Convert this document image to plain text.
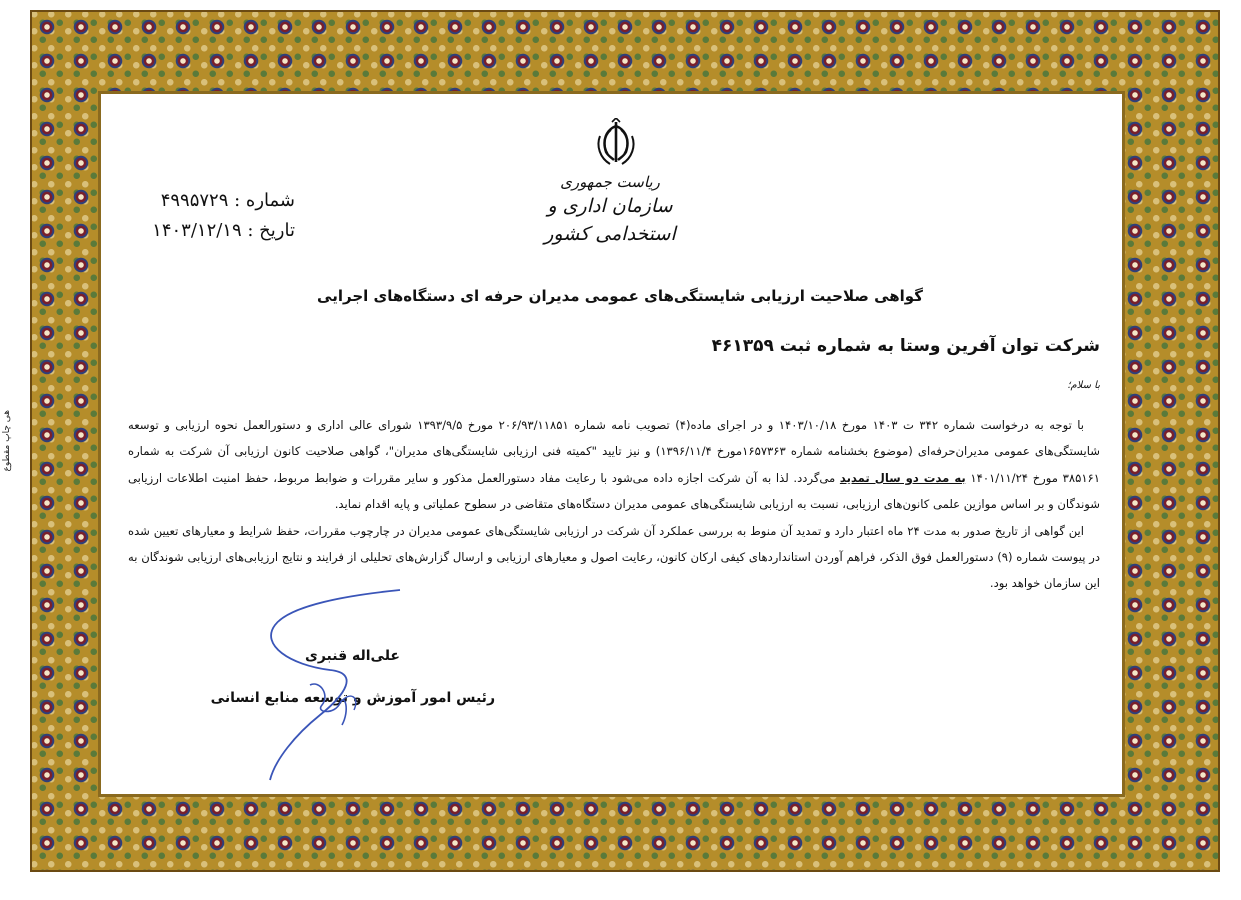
هی چاپ مقطوع
ریاست جمهوری
سازمان اداری و استخدامی کشور
شماره : ۴۹۹۵۷۲۹
تاریخ : ۱۴۰۳/۱۲/۱۹
گواهی صلاحیت ارزیابی شایستگی‌های عمومی مدیران حرفه ای دستگاه‌های اجرایی
شرکت توان آفرین وستا به شماره ثبت ۴۶۱۳۵۹
با سلام؛

با توجه به درخواست شماره ۳۴۲ ت ۱۴۰۳ مورخ ۱۴۰۳/۱۰/۱۸ و در اجرای ماده(۴) تصویب نامه شماره ۲۰۶/۹۳/۱۱۸۵۱ مورخ ۱۳۹۳/۹/۵ شورای عالی اداری و دستورالعمل نحوه ارزیابی و توسعه شایستگی‌های عمومی مدیران‌حرفه‌ای (موضوع بخشنامه شماره ۱۶۵۷۳۶۳مورخ ۱۳۹۶/۱۱/۴) و نیز تایید "کمیته فنی ارزیابی شایستگی‌های مدیران"، گواهی صلاحیت کانون ارزیابی آن شرکت به شماره ۳۸۵۱۶۱ مورخ ۱۴۰۱/۱۱/۲۴ به مدت دو سال تمدید می‌گردد. لذا به آن شرکت اجازه داده می‌شود با رعایت مفاد دستورالعمل مذکور و سایر مقررات و ضوابط مربوط، حفظ امنیت اطلاعات ارزیابی شوندگان و بر اساس موازین علمی کانون‌های ارزیابی، نسبت به ارزیابی شایستگی‌های عمومی مدیران دستگاه‌های متقاضی در سطوح عملیاتی و پایه اقدام نماید.

این گواهی از تاریخ صدور به مدت ۲۴ ماه اعتبار دارد و تمدید آن منوط به بررسی عملکرد آن شرکت در ارزیابی شایستگی‌های عمومی مدیران در چارچوب مقررات، حفظ شرایط و معیارهای تعیین شده در پیوست شماره (۹) دستورالعمل فوق الذکر، فراهم آوردن استانداردهای کیفی ارکان کانون، رعایت اصول و معیارهای ارزیابی و ارسال گزارش‌های تحلیلی از فرایند و نتایج ارزیابی‌های ارزیابی شوندگان به این سازمان خواهد بود.

علی‌اله قنبری
رئیس امور آموزش و توسعه منابع انسانی
